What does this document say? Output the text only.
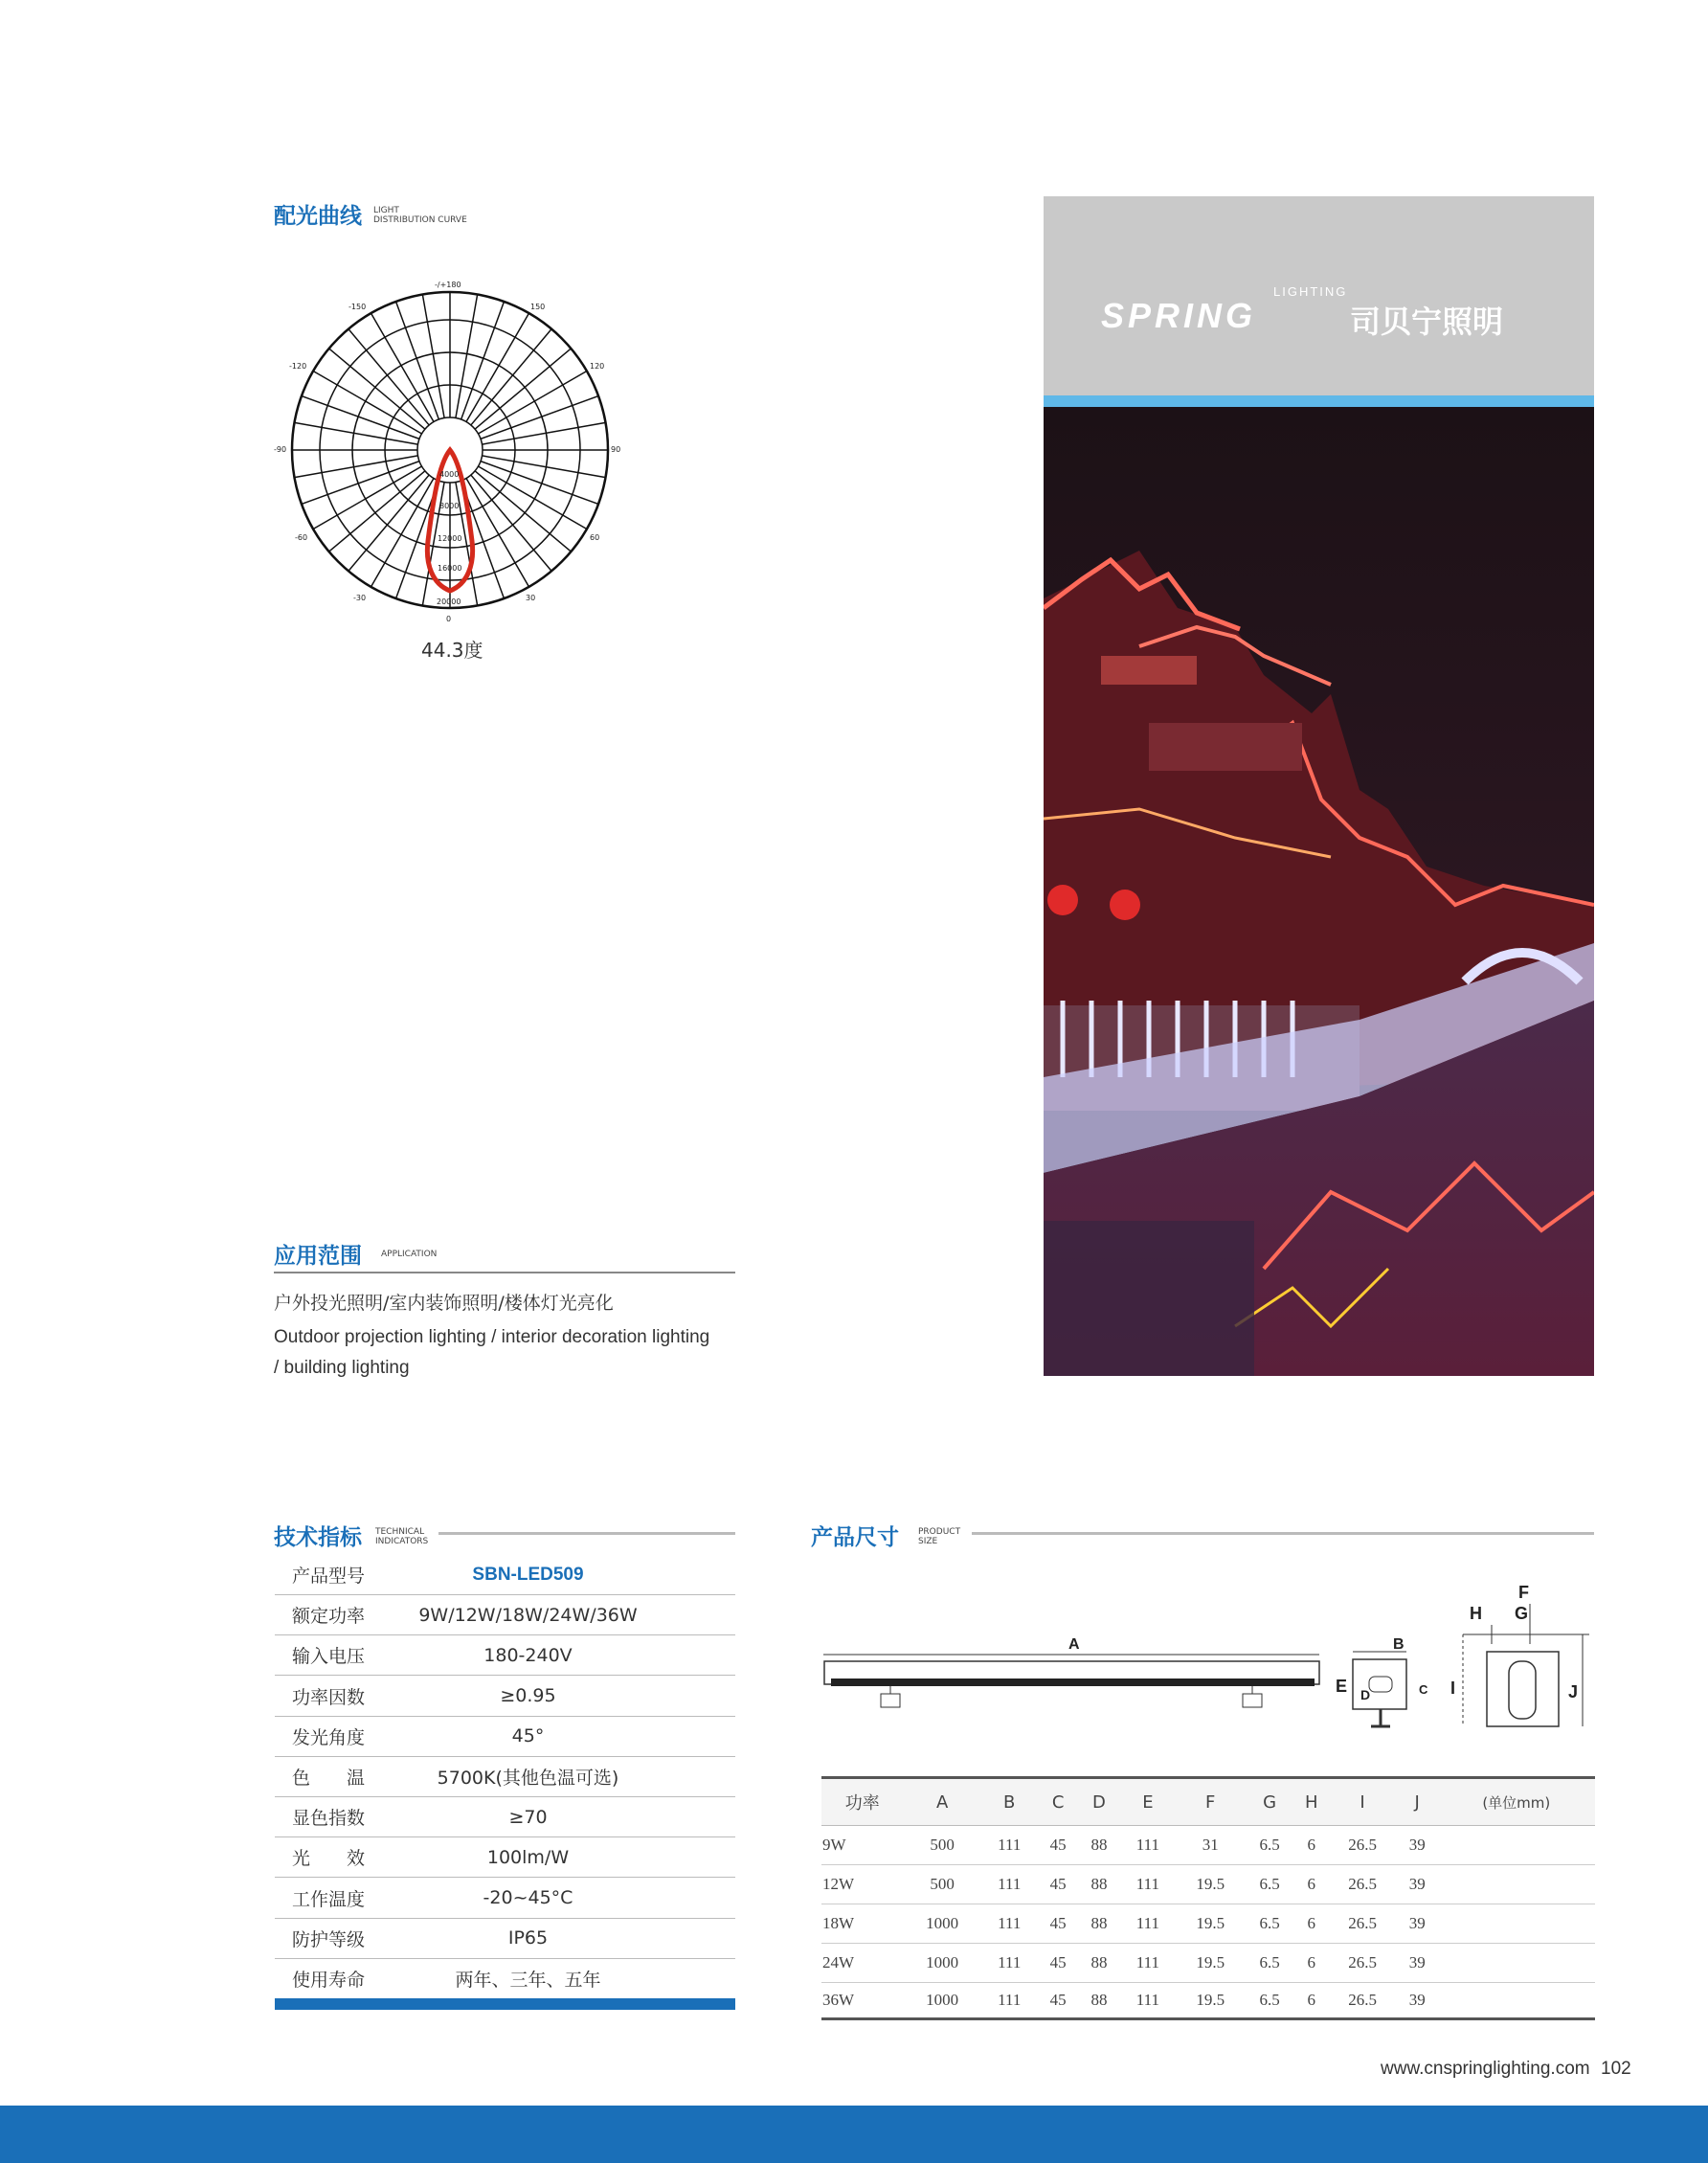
配光曲线 LIGHT
DISTRIBUTION CURVE
-/+180
-150	150
-120	120
-90	90
-60	60
-30	30
0
4000
8000
12000
16000
20000
44.3度
应用范围 APPLICATION
户外投光照明/室内装饰照明/楼体灯光亮化
Outdoor projection lighting / interior decoration lighting
/ building lighting
LIGHTING
SPRING	司贝宁照明
技术指标 TECHNICAL
INDICATORS
产品型号	SBN-LED509
额定功率	9W/12W/18W/24W/36W
输入电压	180-240V
功率因数	≥0.95
发光角度	45°
色　　温	5700K(其他色温可选)
显色指数	≥70
光　　效	100lm/W
工作温度	-20~45°C
防护等级	IP65
使用寿命	两年、三年、五年
产品尺寸 PRODUCT
SIZE
A	B
C
D
E
F
G
H
I	J
功率	A	B	C	D	E	F	G	H	I	J	(单位mm)
9W	500	111	45	88	111	31	6.5	6	26.5	39	
12W	500	111	45	88	111	19.5	6.5	6	26.5	39	
18W	1000	111	45	88	111	19.5	6.5	6	26.5	39	
24W	1000	111	45	88	111	19.5	6.5	6	26.5	39	
36W	1000	111	45	88	111	19.5	6.5	6	26.5	39	
www.cnspringlighting.com 102
